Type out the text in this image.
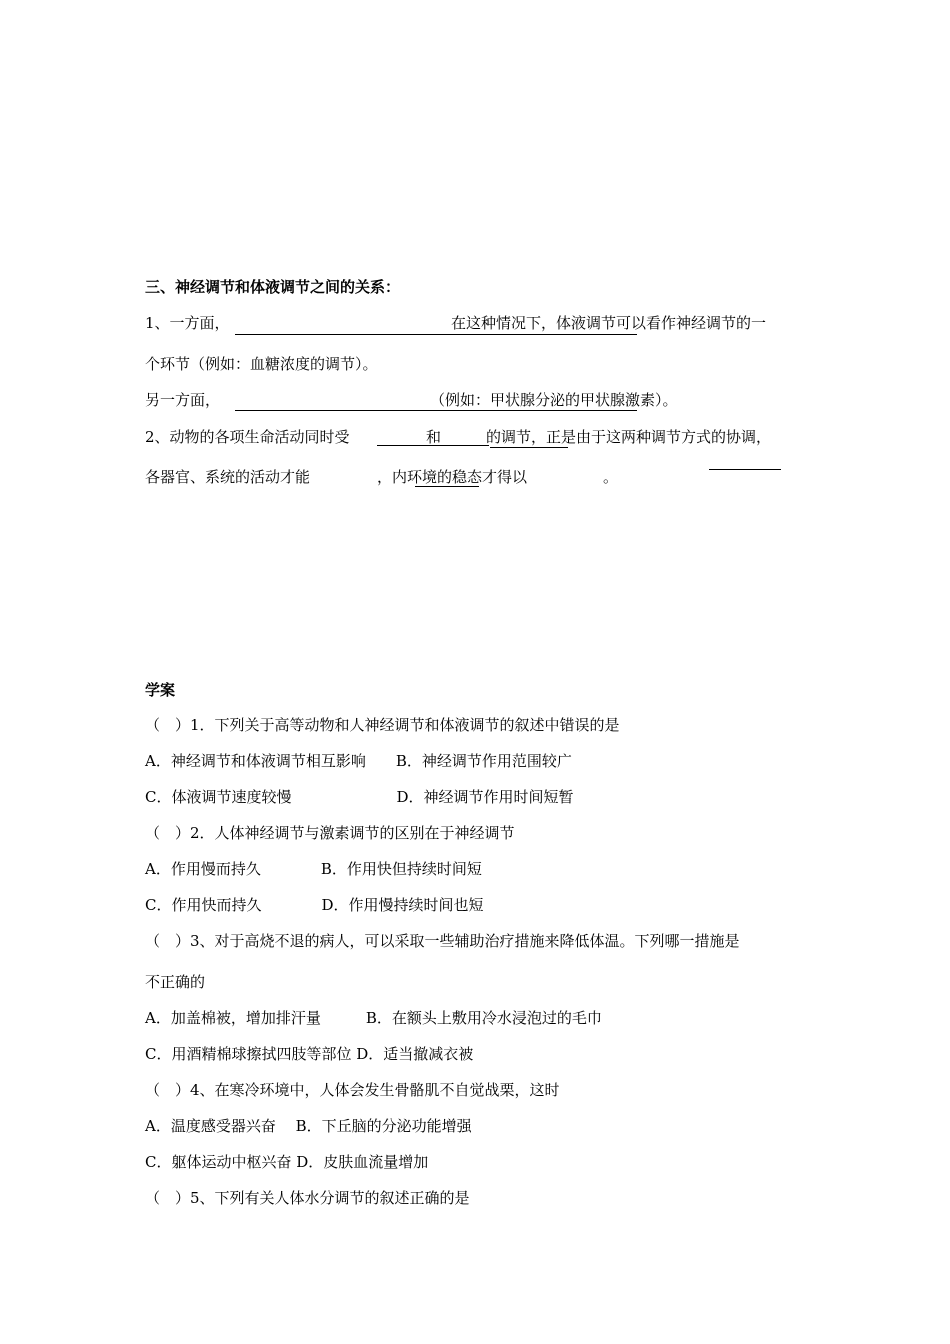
三、神经调节和体液调节之间的关系：
1、一方面，	在这种情况下，体液调节可以看作神经调节的一
个环节（例如：血糖浓度的调节）。
另一方面，	（例如：甲状腺分泌的甲状腺激素）。
2、动物的各项生命活动同时受	和	的调节，正是由于这两种调节方式的协调，
各器官、系统的活动才能	，内环境的稳态才得以	。
学案
（　）1．下列关于高等动物和人神经调节和体液调节的叙述中错误的是
A．神经调节和体液调节相互影响　　B．神经调节作用范围较广
C．体液调节速度较慢　　　　　　　D．神经调节作用时间短暂
（　）2．人体神经调节与激素调节的区别在于神经调节
A．作用慢而持久　　　　B．作用快但持续时间短
C．作用快而持久　　　　D．作用慢持续时间也短
（　）3、对于高烧不退的病人，可以采取一些辅助治疗措施来降低体温。下列哪一措施是
不正确的
A．加盖棉被，增加排汗量　　　B．在额头上敷用冷水浸泡过的毛巾
C．用酒精棉球擦拭四肢等部位 D．适当撤减衣被
（　）4、在寒冷环境中，人体会发生骨骼肌不自觉战栗，这时
A．温度感受器兴奋　 B．下丘脑的分泌功能增强
C．躯体运动中枢兴奋 D．皮肤血流量增加
（　）5、下列有关人体水分调节的叙述正确的是
